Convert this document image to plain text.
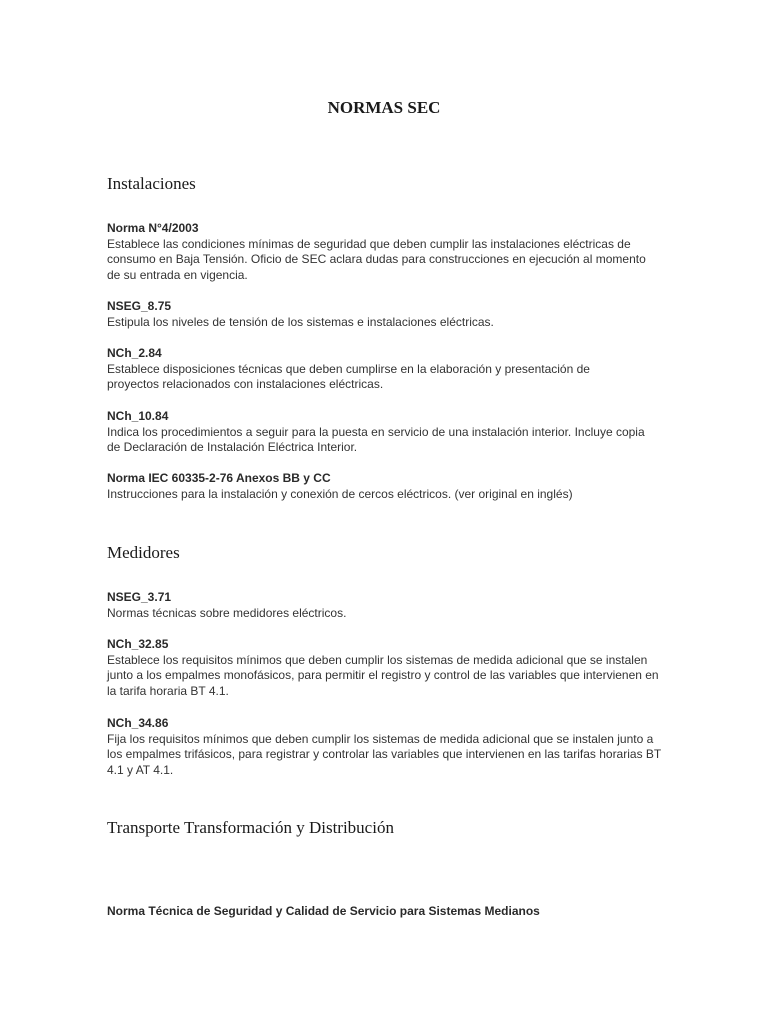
NORMAS SEC
Instalaciones
Norma N°4/2003
Establece las condiciones mínimas de seguridad que deben cumplir las instalaciones eléctricas de consumo en Baja Tensión. Oficio de SEC aclara dudas para construcciones en ejecución al momento de su entrada en vigencia.
NSEG_8.75
Estipula los niveles de tensión de los sistemas e instalaciones eléctricas.
NCh_2.84
Establece disposiciones técnicas que deben cumplirse en la elaboración y presentación de proyectos relacionados con instalaciones eléctricas.
NCh_10.84
Indica los procedimientos a seguir para la puesta en servicio de una instalación interior. Incluye copia de Declaración de Instalación Eléctrica Interior.
Norma IEC 60335-2-76 Anexos BB y CC
Instrucciones para la instalación y conexión de cercos eléctricos. (ver original en inglés)
Medidores
NSEG_3.71
Normas técnicas sobre medidores eléctricos.
NCh_32.85
Establece los requisitos mínimos que deben cumplir los sistemas de medida adicional que se instalen junto a los empalmes monofásicos, para permitir el registro y control de las variables que intervienen en la tarifa horaria BT 4.1.
NCh_34.86
Fija los requisitos mínimos que deben cumplir los sistemas de medida adicional que se instalen junto a los empalmes trifásicos, para registrar y controlar las variables que intervienen en las tarifas horarias BT 4.1 y AT 4.1.
Transporte Transformación y Distribución
Norma Técnica de Seguridad y Calidad de Servicio para Sistemas Medianos
